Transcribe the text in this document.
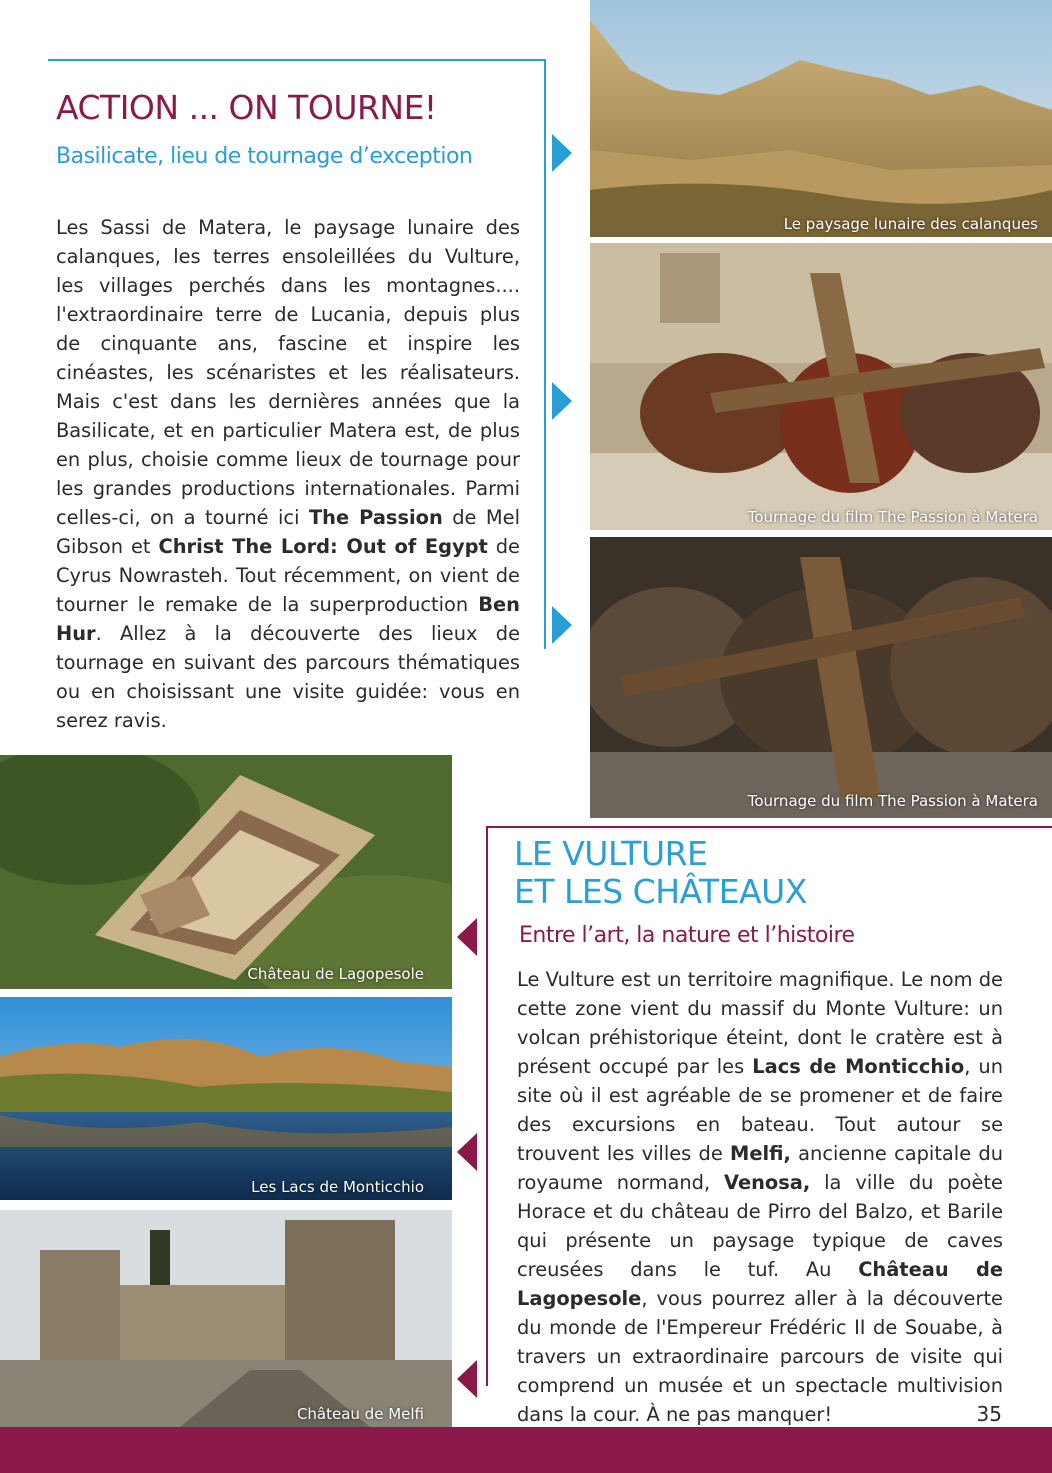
ACTION ... ON TOURNE!
Basilicate, lieu de tournage d’exception

Les Sassi de Matera, le paysage lunaire des calanques, les terres ensoleillées du Vulture, les villages perchés dans les montagnes.... l'extraordinaire terre de Lucania, depuis plus de cinquante ans, fascine et inspire les cinéastes, les scénaristes et les réalisateurs. Mais c'est dans les dernières années que la Basilicate, et en particulier Matera est, de plus en plus, choisie comme lieux de tournage pour les grandes productions internationales. Parmi celles-ci, on a tourné ici The Passion de Mel Gibson et Christ The Lord: Out of Egypt de Cyrus Nowrasteh. Tout récemment, on vient de tourner le remake de la superproduction Ben Hur. Allez à la découverte des lieux de tournage en suivant des parcours thématiques ou en choisissant une visite guidée: vous en serez ravis.

Le paysage lunaire des calanques
Tournage du film The Passion à Matera
Tournage du film The Passion à Matera
Château de Lagopesole
Les Lacs de Monticchio
Château de Melfi
LE VULTURE
ET LES CHÂTEAUX
Entre l’art, la nature et l’histoire

Le Vulture est un territoire magnifique. Le nom de cette zone vient du massif du Monte Vulture: un volcan préhistorique éteint, dont le cratère est à présent occupé par les Lacs de Monticchio, un site où il est agréable de se promener et de faire des excursions en bateau. Tout autour se trouvent les villes de Melfi, ancienne capitale du royaume normand, Venosa, la ville du poète Horace et du château de Pirro del Balzo, et Barile qui présente un paysage typique de caves creusées dans le tuf. Au Château de Lagopesole, vous pourrez aller à la découverte du monde de l'Empereur Frédéric II de Souabe, à travers un extraordinaire parcours de visite qui comprend un musée et un spectacle multivision dans la cour. À ne pas manquer!	35
